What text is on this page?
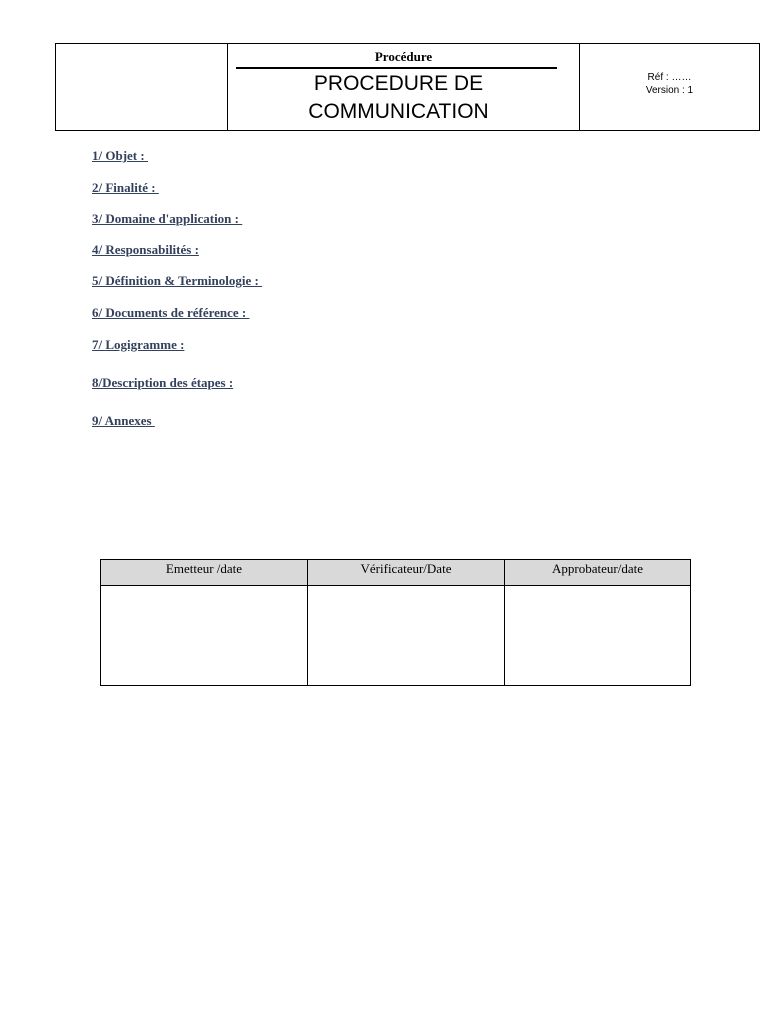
Procédure
PROCEDURE DE
COMMUNICATION
Réf : ……
Version : 1
1/ Objet :
2/ Finalité :
3/ Domaine d'application :
4/ Responsabilités :
5/ Définition & Terminologie :
6/ Documents de référence :
7/ Logigramme :
8/Description des étapes :
9/ Annexes
Emetteur /date	Vérificateur/Date	Approbateur/date
